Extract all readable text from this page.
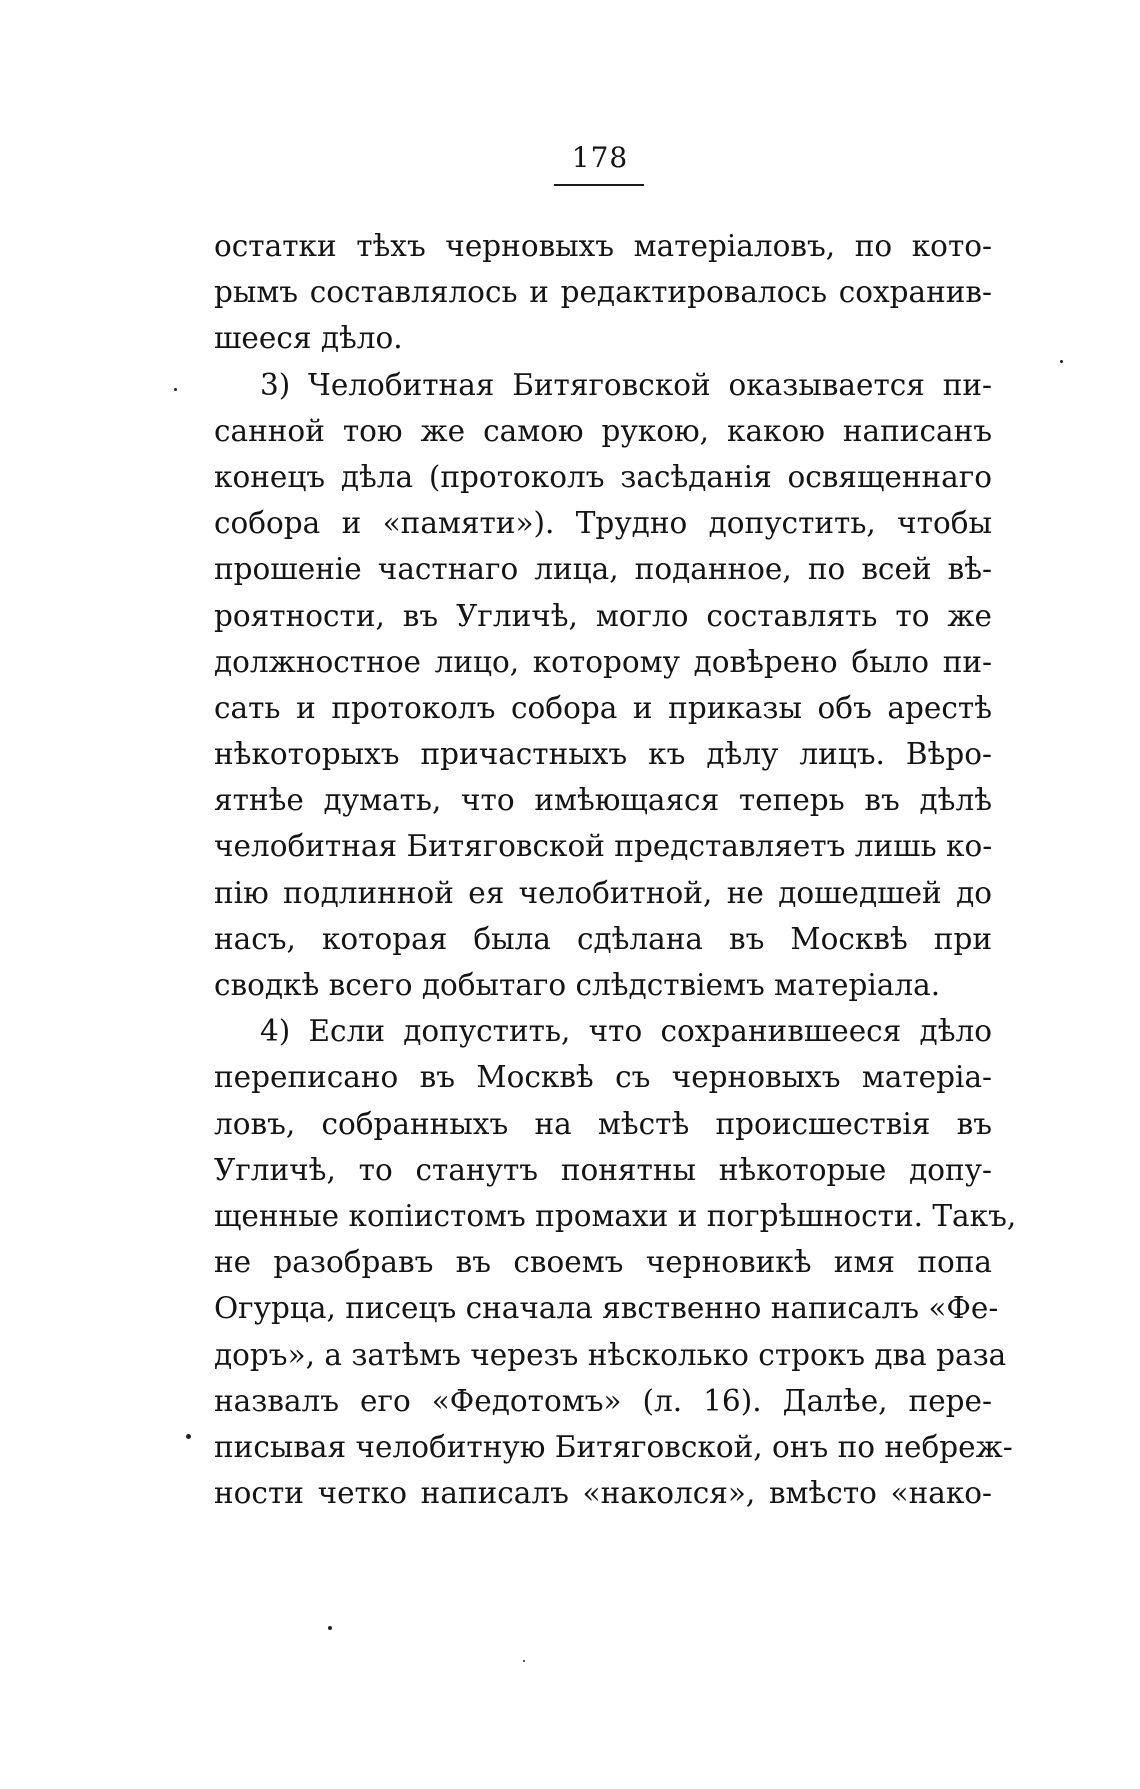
178
остатки тѣхъ черновыхъ матеріаловъ, по кото-
рымъ составлялось и редактировалось сохранив-
шееся дѣло.
3) Челобитная Битяговской оказывается пи-
санной тою же самою рукою, какою написанъ
конецъ дѣла (протоколъ засѣданія освященнаго
собора и «памяти»). Трудно допустить, чтобы
прошеніе частнаго лица, поданное, по всей вѣ-
роятности, въ Угличѣ, могло составлять то же
должностное лицо, которому довѣрено было пи-
сать и протоколъ собора и приказы объ арестѣ
нѣкоторыхъ причастныхъ къ дѣлу лицъ. Вѣро-
ятнѣе думать, что имѣющаяся теперь въ дѣлѣ
челобитная Битяговской представляетъ лишь ко-
пію подлинной ея челобитной, не дошедшей до
насъ, которая была сдѣлана въ Москвѣ при
сводкѣ всего добытаго слѣдствіемъ матеріала.
4) Если допустить, что сохранившееся дѣло
переписано въ Москвѣ съ черновыхъ матеріа-
ловъ, собранныхъ на мѣстѣ происшествія въ
Угличѣ, то станутъ понятны нѣкоторые допу-
щенные копiистомъ промахи и погрѣшности. Такъ,
не разобравъ въ своемъ черновикѣ имя попа
Огурца, писецъ сначала явственно написалъ «Фе-
доръ», а затѣмъ черезъ нѣсколько строкъ два раза
назвалъ его «Федотомъ» (л. 16). Далѣе, пере-
писывая челобитную Битяговской, онъ по небреж-
ности четко написалъ «наколся», вмѣсто «нако-
